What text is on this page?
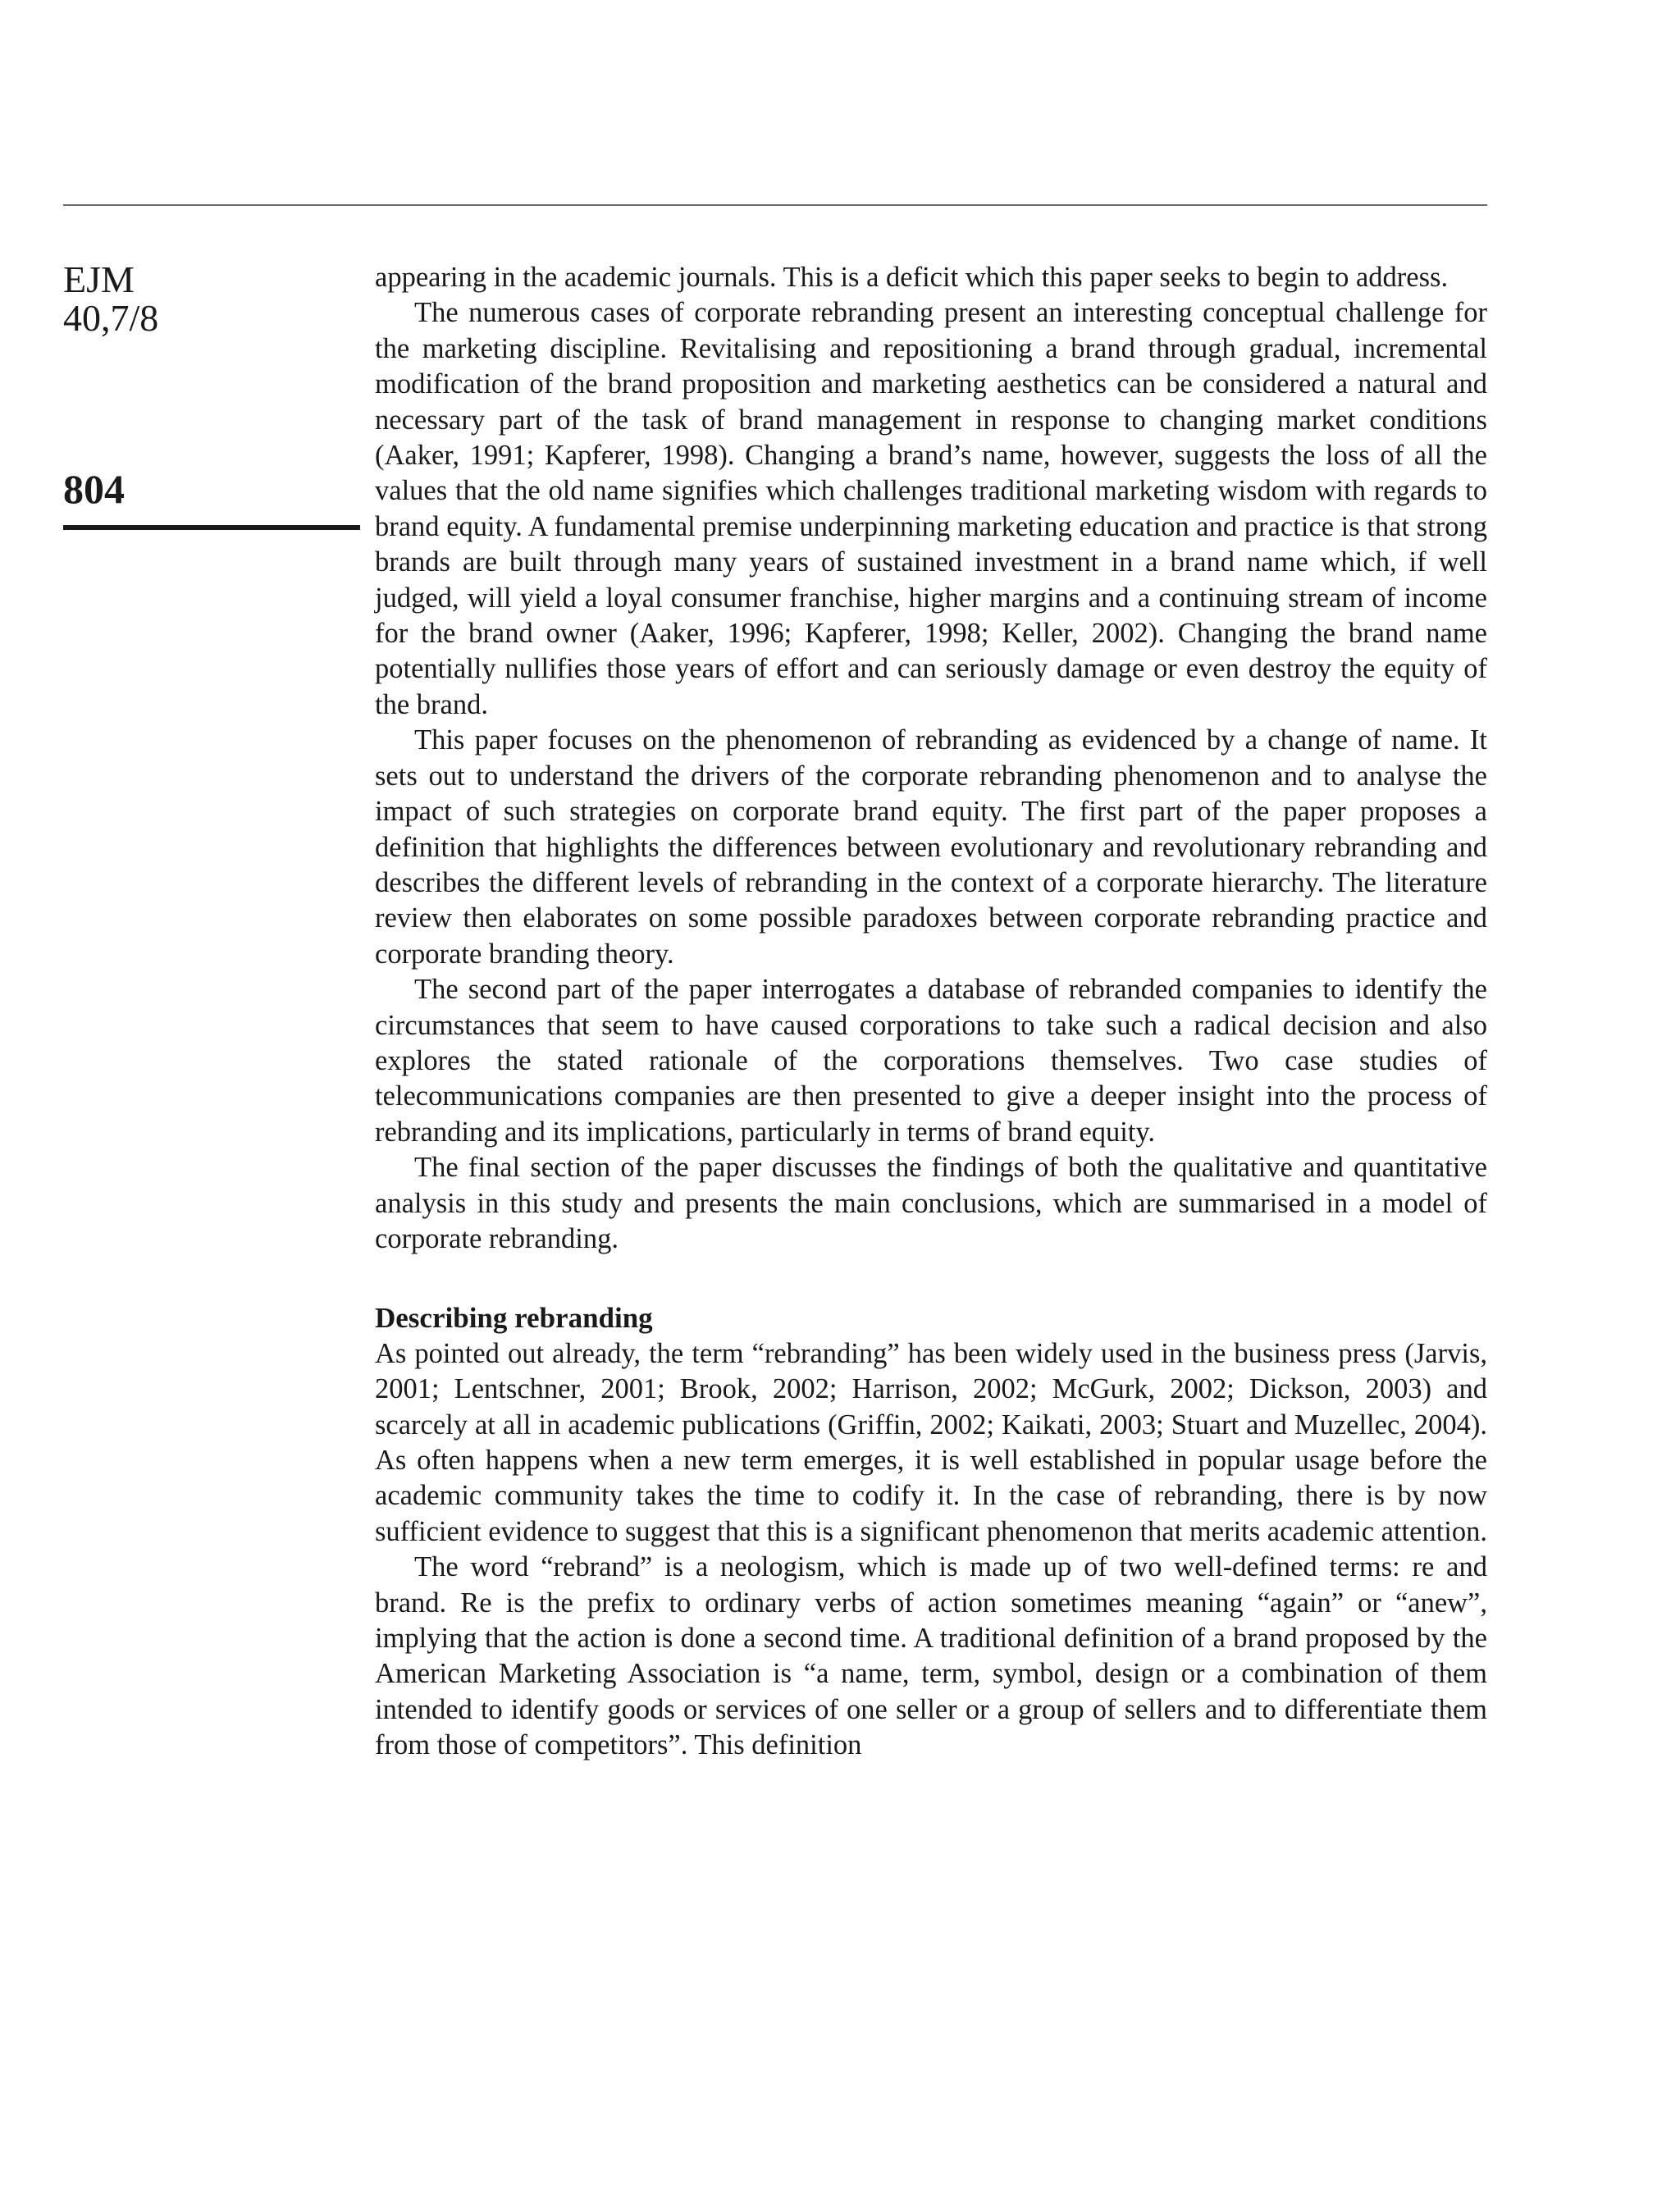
EJM
40,7/8
804

appearing in the academic journals. This is a deficit which this paper seeks to begin to address.

The numerous cases of corporate rebranding present an interesting conceptual challenge for the marketing discipline. Revitalising and repositioning a brand through gradual, incremental modification of the brand proposition and marketing aesthetics can be considered a natural and necessary part of the task of brand management in response to changing market conditions (Aaker, 1991; Kapferer, 1998). Changing a brand’s name, however, suggests the loss of all the values that the old name signifies which challenges traditional marketing wisdom with regards to brand equity. A fundamental premise underpinning marketing education and practice is that strong brands are built through many years of sustained investment in a brand name which, if well judged, will yield a loyal consumer franchise, higher margins and a continuing stream of income for the brand owner (Aaker, 1996; Kapferer, 1998; Keller, 2002). Changing the brand name potentially nullifies those years of effort and can seriously damage or even destroy the equity of the brand.

This paper focuses on the phenomenon of rebranding as evidenced by a change of name. It sets out to understand the drivers of the corporate rebranding phenomenon and to analyse the impact of such strategies on corporate brand equity. The first part of the paper proposes a definition that highlights the differences between evolutionary and revolutionary rebranding and describes the different levels of rebranding in the context of a corporate hierarchy. The literature review then elaborates on some possible paradoxes between corporate rebranding practice and corporate branding theory.

The second part of the paper interrogates a database of rebranded companies to identify the circumstances that seem to have caused corporations to take such a radical decision and also explores the stated rationale of the corporations themselves. Two case studies of telecommunications companies are then presented to give a deeper insight into the process of rebranding and its implications, particularly in terms of brand equity.

The final section of the paper discusses the findings of both the qualitative and quantitative analysis in this study and presents the main conclusions, which are summarised in a model of corporate rebranding.

Describing rebranding

As pointed out already, the term “rebranding” has been widely used in the business press (Jarvis, 2001; Lentschner, 2001; Brook, 2002; Harrison, 2002; McGurk, 2002; Dickson, 2003) and scarcely at all in academic publications (Griffin, 2002; Kaikati, 2003; Stuart and Muzellec, 2004). As often happens when a new term emerges, it is well established in popular usage before the academic community takes the time to codify it. In the case of rebranding, there is by now sufficient evidence to suggest that this is a significant phenomenon that merits academic attention.

The word “rebrand” is a neologism, which is made up of two well-defined terms: re and brand. Re is the prefix to ordinary verbs of action sometimes meaning “again” or “anew”, implying that the action is done a second time. A traditional definition of a brand proposed by the American Marketing Association is “a name, term, symbol, design or a combination of them intended to identify goods or services of one seller or a group of sellers and to differentiate them from those of competitors”. This definition
